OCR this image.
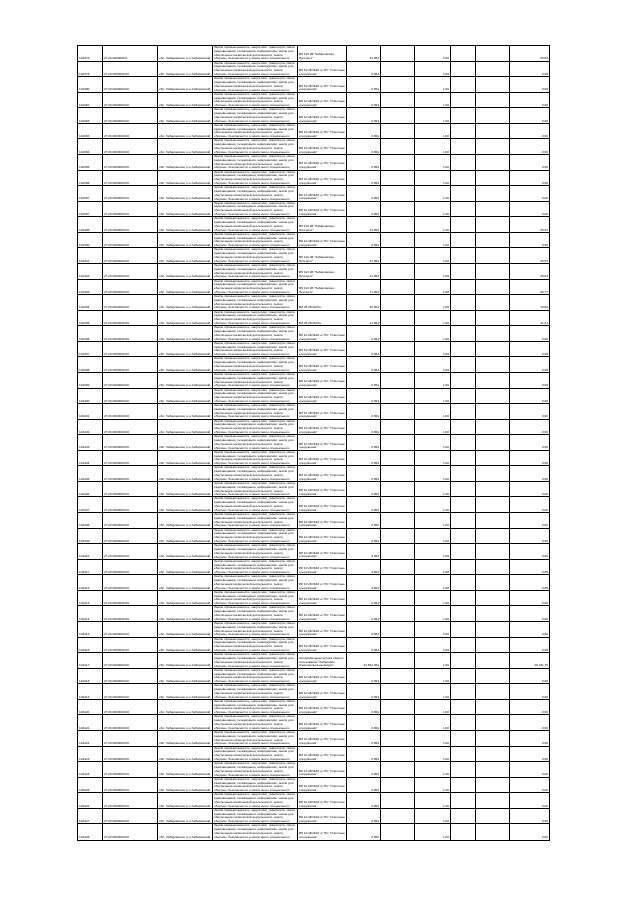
104376	27:20:0000000:0	обл. Хабаровская, р-н Хабаровский
Земли промышленности, энергетики, транспорта, связи, радиовещания, телевидения, информатики, земли для обеспечения космической деятельности, земли обороны, безопасности и земли иного специального
ВЛ 110 кВ "Хабаровская - Прогресс"	31,054	1,00	25,53
104378	27:20:0000000:00	обл. Хабаровская, р-н Хабаровский
Земли промышленности, энергетики, транспорта, связи, радиовещания, телевидения, информатики, земли для обеспечения космической деятельности, земли обороны, безопасности и земли иного специального
ВЛ 10 кВ №16 от ПС "Очистные сооружения"	0,654	1,00	0,66
104380	27:20:0000000:00	обл. Хабаровская, р-н Хабаровский
Земли промышленности, энергетики, транспорта, связи, радиовещания, телевидения, информатики, земли для обеспечения космической деятельности, земли обороны, безопасности и земли иного специального
ВЛ 10 кВ №16 от ПС "Очистные сооружения"	0,654	1,00	0,66
104381	27:20:0000000:00	обл. Хабаровская, р-н Хабаровский
Земли промышленности, энергетики, транспорта, связи, радиовещания, телевидения, информатики, земли для обеспечения космической деятельности, земли обороны, безопасности и земли иного специального
ВЛ 10 кВ №16 от ПС "Очистные сооружения"	0,654	1,00	0,66
104383	27:20:0000000:00	обл. Хабаровская, р-н Хабаровский
Земли промышленности, энергетики, транспорта, связи, радиовещания, телевидения, информатики, земли для обеспечения космической деятельности, земли обороны, безопасности и земли иного специального
ВЛ 10 кВ №16 от ПС "Очистные сооружения"	0,654	1,00	0,66
104383	27:20:0000000:00	обл. Хабаровская, р-н Хабаровский
Земли промышленности, энергетики, транспорта, связи, радиовещания, телевидения, информатики, земли для обеспечения космической деятельности, земли обороны, безопасности и земли иного специального
ВЛ 10 кВ №16 от ПС "Очистные сооружения"	0,654	1,00	0,66
104384	27:20:0000000:00	обл. Хабаровская, р-н Хабаровский
Земли промышленности, энергетики, транспорта, связи, радиовещания, телевидения, информатики, земли для обеспечения космической деятельности, земли обороны, безопасности и земли иного специального
ВЛ 10 кВ №16 от ПС "Очистные сооружения"	0,654	1,00	0,66
104385	27:20:0000000:00	обл. Хабаровская, р-н Хабаровский
Земли промышленности, энергетики, транспорта, связи, радиовещания, телевидения, информатики, земли для обеспечения космической деятельности, земли обороны, безопасности и земли иного специального
ВЛ 10 кВ №16 от ПС "Очистные сооружения"	0,654	1,00	0,66
104386	27:20:0000000:00	обл. Хабаровская, р-н Хабаровский
Земли промышленности, энергетики, транспорта, связи, радиовещания, телевидения, информатики, земли для обеспечения космической деятельности, земли обороны, безопасности и земли иного специального
ВЛ 10 кВ №16 от ПС "Очистные сооружения"	0,654	1,00	0,66
104387	27:20:0000000:00	обл. Хабаровская, р-н Хабаровский
Земли промышленности, энергетики, транспорта, связи, радиовещания, телевидения, информатики, земли для обеспечения космической деятельности, земли обороны, безопасности и земли иного специального
ВЛ 10 кВ №16 от ПС "Очистные сооружения"	0,654	1,00	0,66
104387	27:20:0000000:00	обл. Хабаровская, р-н Хабаровский
Земли промышленности, энергетики, транспорта, связи, радиовещания, телевидения, информатики, земли для обеспечения космической деятельности, земли обороны, безопасности и земли иного специального
ВЛ 10 кВ №16 от ПС "Очистные сооружения"	0,654	1,00	0,66
104388	27:20:0000000:00	обл. Хабаровская, р-н Хабаровский
Земли промышленности, энергетики, транспорта, связи, радиовещания, телевидения, информатики, земли для обеспечения космической деятельности, земли обороны, безопасности и земли иного специального
ВЛ 110 кВ "Хабаровская - Прогресс"	31,054	1,00	25,53
104390	27:20:0000000:00	обл. Хабаровская, р-н Хабаровский
Земли промышленности, энергетики, транспорта, связи, радиовещания, телевидения, информатики, земли для обеспечения космической деятельности, земли обороны, безопасности и земли иного специального
ВЛ 10 кВ №16 от ПС "Очистные сооружения"	0,654	1,00	0,66
104391	27:20:0000000:00	обл. Хабаровская, р-н Хабаровский
Земли промышленности, энергетики, транспорта, связи, радиовещания, телевидения, информатики, земли для обеспечения космической деятельности, земли обороны, безопасности и земли иного специального
ВЛ 110 кВ "Хабаровская - Прогресс"	31,054	1,00	25,53
104393	27:20:0000000:00	обл. Хабаровская, р-н Хабаровский
Земли промышленности, энергетики, транспорта, связи, радиовещания, телевидения, информатики, земли для обеспечения космической деятельности, земли обороны, безопасности и земли иного специального
ВЛ 110 кВ "Хабаровская - Прогресс"	31,054	1,00	25,53
104393	27:20:0000000:00	обл. Хабаровская, р-н Хабаровский
Земли промышленности, энергетики, транспорта, связи, радиовещания, телевидения, информатики, земли для обеспечения космической деятельности, земли обороны, безопасности и земли иного специального
ВЛ 110 кВ "Хабаровская - Прогресс"	71,054	1,00	56,77
104394	27:20:0000000:00	обл. Хабаровская, р-н Хабаровский
Земли промышленности, энергетики, транспорта, связи, радиовещания, телевидения, информатики, земли для обеспечения космической деятельности, земли обороны, безопасности и земли иного специального	ВЛ 35 кВ №37н	10,654	1,00	10,00
104395	27:20:0000000:00	обл. Хабаровская, р-н Хабаровский
Земли промышленности, энергетики, транспорта, связи, радиовещания, телевидения, информатики, земли для обеспечения космической деятельности, земли обороны, безопасности и земли иного специального	ВЛ 35 кВ №37н	11,654	1,00	11,31
104396	27:20:0000000:00	обл. Хабаровская, р-н Хабаровский
Земли промышленности, энергетики, транспорта, связи, радиовещания, телевидения, информатики, земли для обеспечения космической деятельности, земли обороны, безопасности и земли иного специального
ВЛ 10 кВ №16 от ПС "Очистные сооружения"	0,654	1,00	0,66
104397	27:20:0000000:00	обл. Хабаровская, р-н Хабаровский
Земли промышленности, энергетики, транспорта, связи, радиовещания, телевидения, информатики, земли для обеспечения космической деятельности, земли обороны, безопасности и земли иного специального
ВЛ 10 кВ №16 от ПС "Очистные сооружения"	0,654	1,00	0,66
104398	27:20:0000000:00	обл. Хабаровская, р-н Хабаровский
Земли промышленности, энергетики, транспорта, связи, радиовещания, телевидения, информатики, земли для обеспечения космической деятельности, земли обороны, безопасности и земли иного специального
ВЛ 10 кВ №16 от ПС "Очистные сооружения"	0,654	1,00	0,66
104399	27:20:0000000:00	обл. Хабаровская, р-н Хабаровский
Земли промышленности, энергетики, транспорта, связи, радиовещания, телевидения, информатики, земли для обеспечения космической деятельности, земли обороны, безопасности и земли иного специального
ВЛ 10 кВ №16 от ПС "Очистные сооружения"	0,654	1,00	0,66
104400	27:20:0000000:00	обл. Хабаровская, р-н Хабаровский
Земли промышленности, энергетики, транспорта, связи, радиовещания, телевидения, информатики, земли для обеспечения космической деятельности, земли обороны, безопасности и земли иного специального
ВЛ 10 кВ №16 от ПС "Очистные сооружения"	0,654	1,00	0,66
104401	27:20:0000000:00	обл. Хабаровская, р-н Хабаровский
Земли промышленности, энергетики, транспорта, связи, радиовещания, телевидения, информатики, земли для обеспечения космической деятельности, земли обороны, безопасности и земли иного специального
ВЛ 10 кВ №16 от ПС "Очистные сооружения"	0,654	1,00	0,66
104402	27:20:0000000:00	обл. Хабаровская, р-н Хабаровский
Земли промышленности, энергетики, транспорта, связи, радиовещания, телевидения, информатики, земли для обеспечения космической деятельности, земли обороны, безопасности и земли иного специального
ВЛ 10 кВ №16 от ПС "Очистные сооружения"	0,654	1,00	0,66
104403	27:20:0000000:00	обл. Хабаровская, р-н Хабаровский
Земли промышленности, энергетики, транспорта, связи, радиовещания, телевидения, информатики, земли для обеспечения космической деятельности, земли обороны, безопасности и земли иного специального
ВЛ 10 кВ №16 от ПС "Очистные сооружения"	0,654	1,00	0,66
104404	27:20:0000000:00	обл. Хабаровская, р-н Хабаровский
Земли промышленности, энергетики, транспорта, связи, радиовещания, телевидения, информатики, земли для обеспечения космической деятельности, земли обороны, безопасности и земли иного специального
ВЛ 10 кВ №16 от ПС "Очистные сооружения"	0,654	1,00	0,66
104405	27:20:0000000:00	обл. Хабаровская, р-н Хабаровский
Земли промышленности, энергетики, транспорта, связи, радиовещания, телевидения, информатики, земли для обеспечения космической деятельности, земли обороны, безопасности и земли иного специального
ВЛ 10 кВ №16 от ПС "Очистные сооружения"	0,654	1,00	0,66
104406	27:20:0000000:00	обл. Хабаровская, р-н Хабаровский
Земли промышленности, энергетики, транспорта, связи, радиовещания, телевидения, информатики, земли для обеспечения космической деятельности, земли обороны, безопасности и земли иного специального
ВЛ 10 кВ №16 от ПС "Очистные сооружения"	0,654	1,00	0,66
104407	27:20:0000000:00	обл. Хабаровская, р-н Хабаровский
Земли промышленности, энергетики, транспорта, связи, радиовещания, телевидения, информатики, земли для обеспечения космической деятельности, земли обороны, безопасности и земли иного специального
ВЛ 10 кВ №16 от ПС "Очистные сооружения"	0,654	1,00	0,66
104408	27:20:0000000:00	обл. Хабаровская, р-н Хабаровский
Земли промышленности, энергетики, транспорта, связи, радиовещания, телевидения, информатики, земли для обеспечения космической деятельности, земли обороны, безопасности и земли иного специального
ВЛ 10 кВ №16 от ПС "Очистные сооружения"	0,654	1,00	0,66
104409	27:20:0000000:00	обл. Хабаровская, р-н Хабаровский
Земли промышленности, энергетики, транспорта, связи, радиовещания, телевидения, информатики, земли для обеспечения космической деятельности, земли обороны, безопасности и земли иного специального
ВЛ 10 кВ №16 от ПС "Очистные сооружения"	0,654	1,00	0,66
104410	27:20:0000000:00	обл. Хабаровская, р-н Хабаровский
Земли промышленности, энергетики, транспорта, связи, радиовещания, телевидения, информатики, земли для обеспечения космической деятельности, земли обороны, безопасности и земли иного специального
ВЛ 10 кВ №16 от ПС "Очистные сооружения"	0,654	1,00	0,66
104411	27:20:0000000:00	обл. Хабаровская, р-н Хабаровский
Земли промышленности, энергетики, транспорта, связи, радиовещания, телевидения, информатики, земли для обеспечения космической деятельности, земли обороны, безопасности и земли иного специального
ВЛ 10 кВ №16 от ПС "Очистные сооружения"	0,654	1,00	0,66
104412	27:20:0000000:00	обл. Хабаровская, р-н Хабаровский
Земли промышленности, энергетики, транспорта, связи, радиовещания, телевидения, информатики, земли для обеспечения космической деятельности, земли обороны, безопасности и земли иного специального
ВЛ 10 кВ №16 от ПС "Очистные сооружения"	0,654	1,00	0,66
104413	27:20:0000000:00	обл. Хабаровская, р-н Хабаровский
Земли промышленности, энергетики, транспорта, связи, радиовещания, телевидения, информатики, земли для обеспечения космической деятельности, земли обороны, безопасности и земли иного специального
ВЛ 10 кВ №16 от ПС "Очистные сооружения"	0,654	1,00	0,66
104414	27:20:0000000:00	обл. Хабаровская, р-н Хабаровский
Земли промышленности, энергетики, транспорта, связи, радиовещания, телевидения, информатики, земли для обеспечения космической деятельности, земли обороны, безопасности и земли иного специального
ВЛ 10 кВ №16 от ПС "Очистные сооружения"	0,654	1,00	0,66
104415	27:20:0000000:00	обл. Хабаровская, р-н Хабаровский
Земли промышленности, энергетики, транспорта, связи, радиовещания, телевидения, информатики, земли для обеспечения космической деятельности, земли обороны, безопасности и земли иного специального
ВЛ 10 кВ №16 от ПС "Очистные сооружения"	0,654	1,00	0,66
104416	27:20:0000000:00	обл. Хабаровская, р-н Хабаровский
Земли промышленности, энергетики, транспорта, связи, радиовещания, телевидения, информатики, земли для обеспечения космической деятельности, земли обороны, безопасности и земли иного специального
ВЛ 10 кВ №16 от ПС "Очистные сооружения"	0,654	1,00	0,66
104417	27:20:0000000:00	обл. Хабаровская, р-н Хабаровский
Земли промышленности, энергетики, транспорта, связи, радиовещания, телевидения, информатики, земли для обеспечения космической деятельности, земли обороны, безопасности и земли иного специального
Автомобильная дорога общего пользования "Хабаровск-Комсомольск-на-Амуре"	24,524,454	1,00	40 311,76
104418	27:20:0000000:00	обл. Хабаровская, р-н Хабаровский
Земли промышленности, энергетики, транспорта, связи, радиовещания, телевидения, информатики, земли для обеспечения космической деятельности, земли обороны, безопасности и земли иного специального
ВЛ 10 кВ №16 от ПС "Очистные сооружения"	0,654	1,00	0,66
104419	27:20:0000000:00	обл. Хабаровская, р-н Хабаровский
Земли промышленности, энергетики, транспорта, связи, радиовещания, телевидения, информатики, земли для обеспечения космической деятельности, земли обороны, безопасности и земли иного специального
ВЛ 10 кВ №16 от ПС "Очистные сооружения"	0,654	1,00	0,66
104420	27:20:0000000:00	обл. Хабаровская, р-н Хабаровский
Земли промышленности, энергетики, транспорта, связи, радиовещания, телевидения, информатики, земли для обеспечения космической деятельности, земли обороны, безопасности и земли иного специального
ВЛ 10 кВ №16 от ПС "Очистные сооружения"	0,654	1,00	0,66
104421	27:20:0000000:00	обл. Хабаровская, р-н Хабаровский
Земли промышленности, энергетики, транспорта, связи, радиовещания, телевидения, информатики, земли для обеспечения космической деятельности, земли обороны, безопасности и земли иного специального
ВЛ 10 кВ №16 от ПС "Очистные сооружения"	0,654	1,00	0,66
104422	27:20:0000000:00	обл. Хабаровская, р-н Хабаровский
Земли промышленности, энергетики, транспорта, связи, радиовещания, телевидения, информатики, земли для обеспечения космической деятельности, земли обороны, безопасности и земли иного специального
ВЛ 10 кВ №16 от ПС "Очистные сооружения"	0,654	1,00	0,66
104423	27:20:0000000:00	обл. Хабаровская, р-н Хабаровский
Земли промышленности, энергетики, транспорта, связи, радиовещания, телевидения, информатики, земли для обеспечения космической деятельности, земли обороны, безопасности и земли иного специального
ВЛ 10 кВ №16 от ПС "Очистные сооружения"	0,654	1,00	0,66
104424	27:20:0000000:00	обл. Хабаровская, р-н Хабаровский
Земли промышленности, энергетики, транспорта, связи, радиовещания, телевидения, информатики, земли для обеспечения космической деятельности, земли обороны, безопасности и земли иного специального
ВЛ 10 кВ №16 от ПС "Очистные сооружения"	0,654	1,00	0,66
104425	27:20:0000000:00	обл. Хабаровская, р-н Хабаровский
Земли промышленности, энергетики, транспорта, связи, радиовещания, телевидения, информатики, земли для обеспечения космической деятельности, земли обороны, безопасности и земли иного специального
ВЛ 10 кВ №16 от ПС "Очистные сооружения"	0,654	1,00	0,66
104426	27:20:0000000:00	обл. Хабаровская, р-н Хабаровский
Земли промышленности, энергетики, транспорта, связи, радиовещания, телевидения, информатики, земли для обеспечения космической деятельности, земли обороны, безопасности и земли иного специального
ВЛ 10 кВ №16 от ПС "Очистные сооружения"	0,654	1,00	0,66
104427	27:20:0000000:00	обл. Хабаровская, р-н Хабаровский
Земли промышленности, энергетики, транспорта, связи, радиовещания, телевидения, информатики, земли для обеспечения космической деятельности, земли обороны, безопасности и земли иного специального
ВЛ 10 кВ №16 от ПС "Очистные сооружения"	0,654	1,00	0,66
104428	27:20:0000000:00	обл. Хабаровская, р-н Хабаровский
Земли промышленности, энергетики, транспорта, связи, радиовещания, телевидения, информатики, земли для обеспечения космической деятельности, земли обороны, безопасности и земли иного специального
ВЛ 10 кВ №16 от ПС "Очистные сооружения"	0,654	1,00	0,66
